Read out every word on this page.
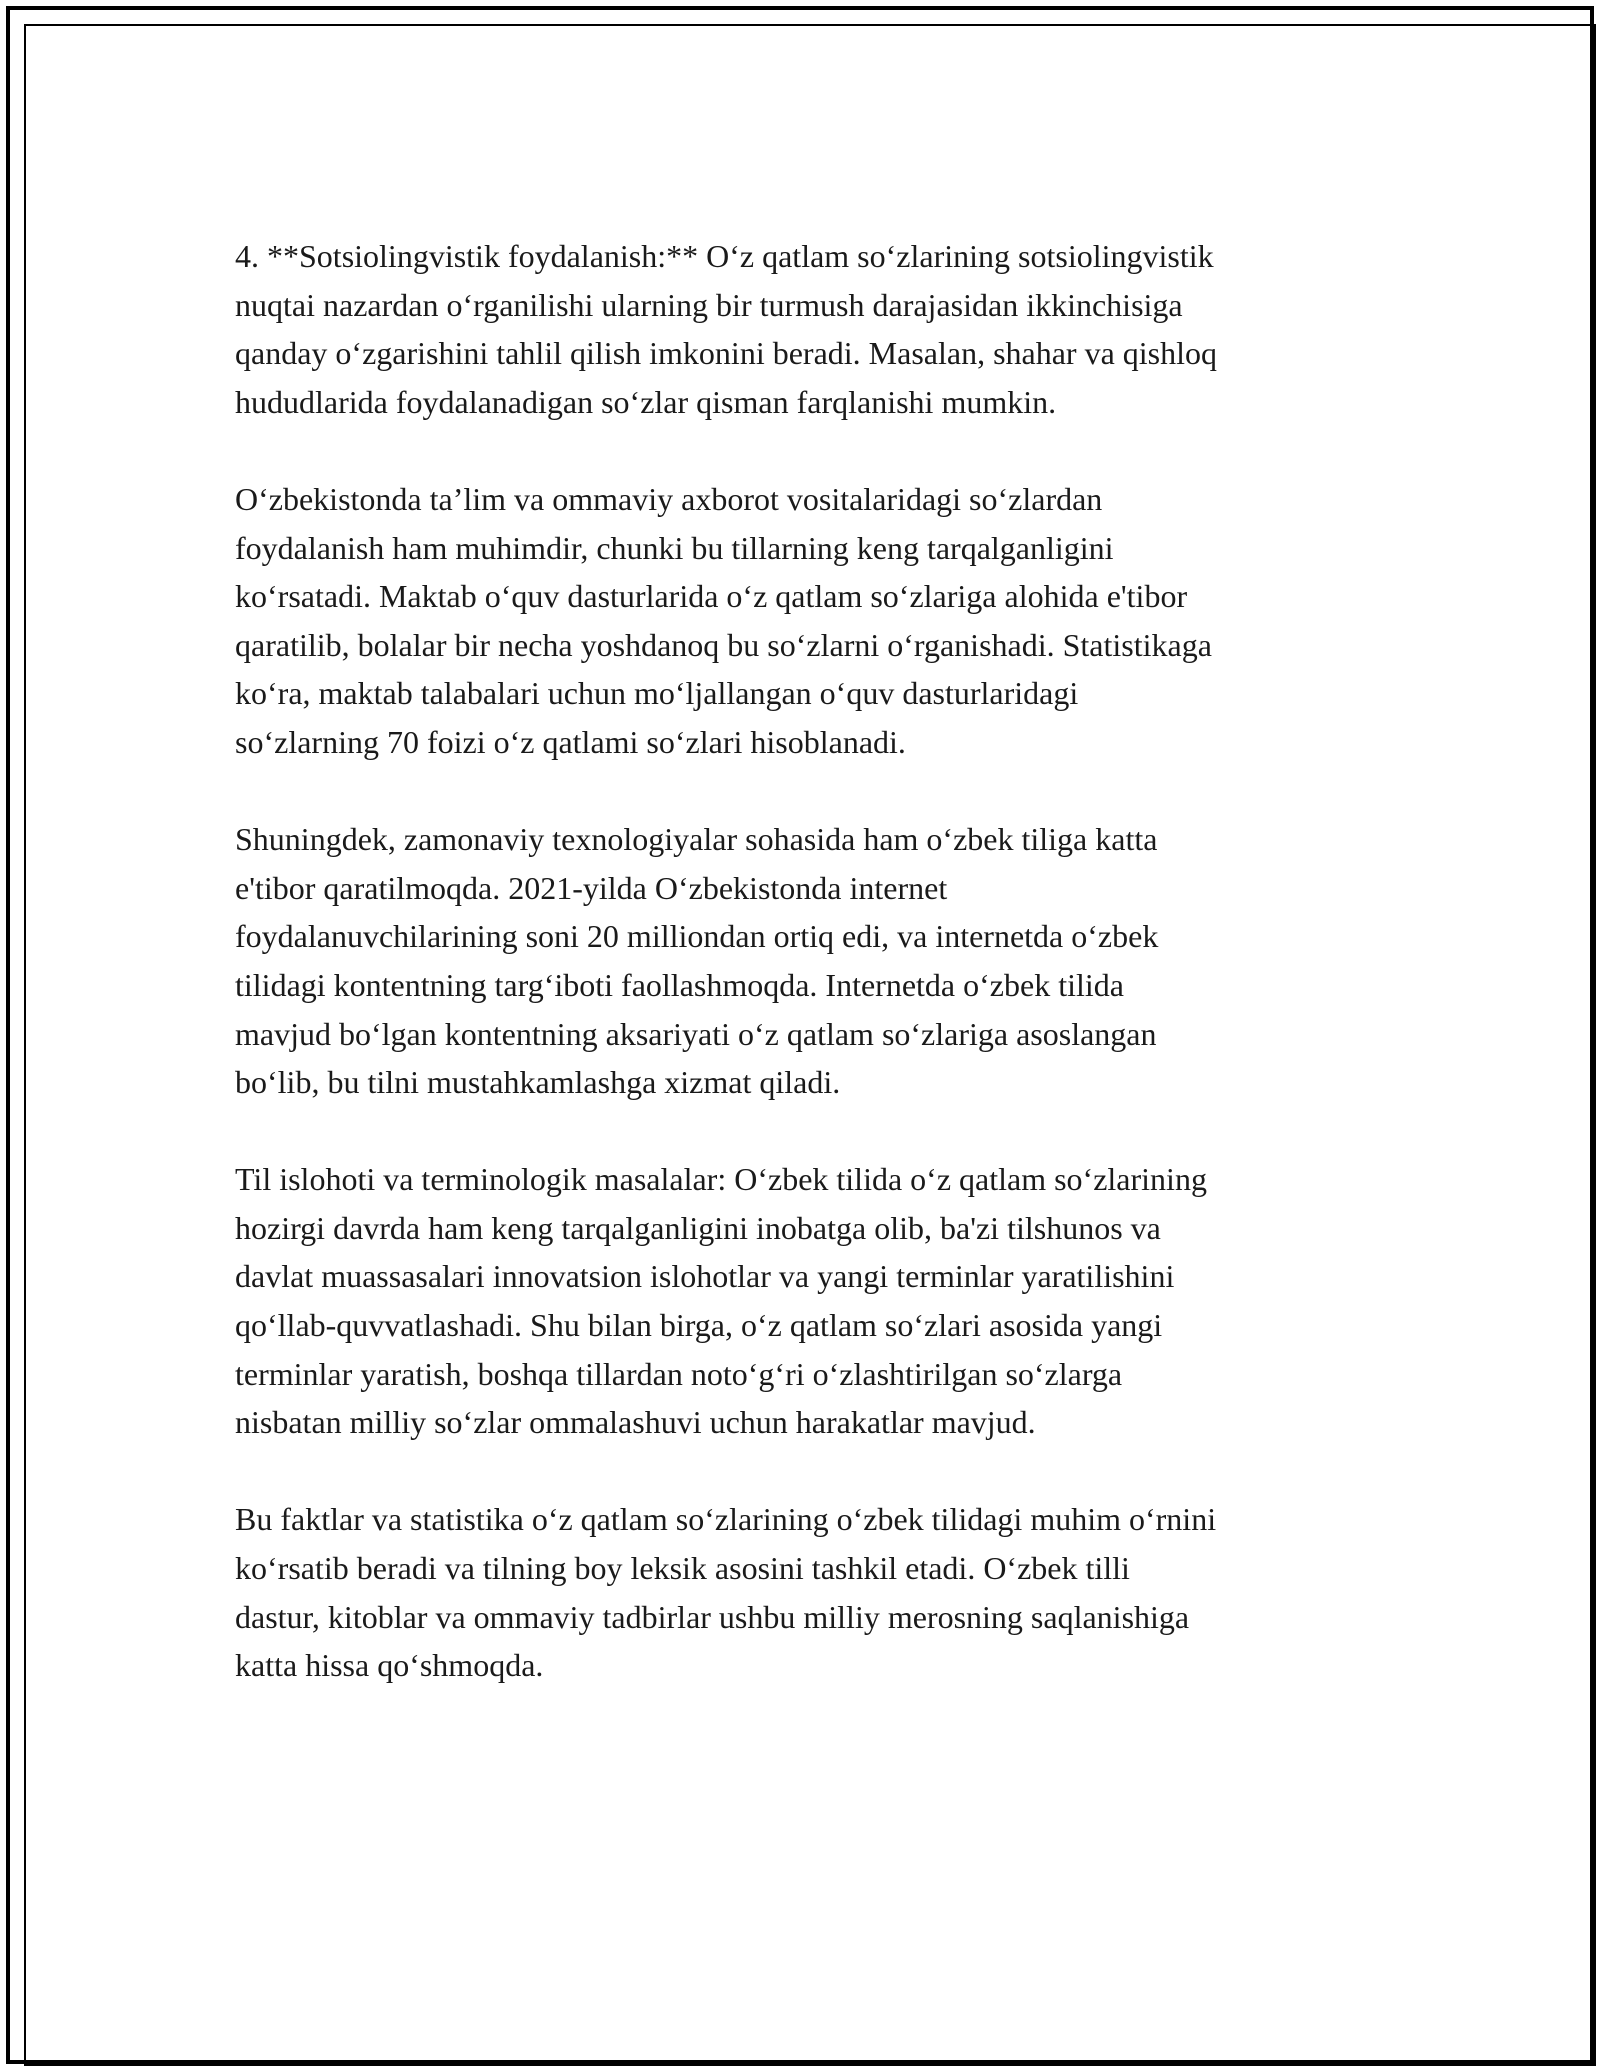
4. **Sotsiolingvistik foydalanish:** O‘z qatlam so‘zlarining sotsiolingvistik
nuqtai nazardan o‘rganilishi ularning bir turmush darajasidan ikkinchisiga
qanday o‘zgarishini tahlil qilish imkonini beradi. Masalan, shahar va qishloq
hududlarida foydalanadigan so‘zlar qisman farqlanishi mumkin.

O‘zbekistonda ta’lim va ommaviy axborot vositalaridagi so‘zlardan
foydalanish ham muhimdir, chunki bu tillarning keng tarqalganligini
ko‘rsatadi. Maktab o‘quv dasturlarida o‘z qatlam so‘zlariga alohida e'tibor
qaratilib, bolalar bir necha yoshdanoq bu so‘zlarni o‘rganishadi. Statistikaga
ko‘ra, maktab talabalari uchun mo‘ljallangan o‘quv dasturlaridagi
so‘zlarning 70 foizi o‘z qatlami so‘zlari hisoblanadi.

Shuningdek, zamonaviy texnologiyalar sohasida ham o‘zbek tiliga katta
e'tibor qaratilmoqda. 2021-yilda O‘zbekistonda internet
foydalanuvchilarining soni 20 milliondan ortiq edi, va internetda o‘zbek
tilidagi kontentning targ‘iboti faollashmoqda. Internetda o‘zbek tilida
mavjud bo‘lgan kontentning aksariyati o‘z qatlam so‘zlariga asoslangan
bo‘lib, bu tilni mustahkamlashga xizmat qiladi.

Til islohoti va terminologik masalalar: O‘zbek tilida o‘z qatlam so‘zlarining
hozirgi davrda ham keng tarqalganligini inobatga olib, ba'zi tilshunos va
davlat muassasalari innovatsion islohotlar va yangi terminlar yaratilishini
qo‘llab-quvvatlashadi. Shu bilan birga, o‘z qatlam so‘zlari asosida yangi
terminlar yaratish, boshqa tillardan noto‘g‘ri o‘zlashtirilgan so‘zlarga
nisbatan milliy so‘zlar ommalashuvi uchun harakatlar mavjud.

Bu faktlar va statistika o‘z qatlam so‘zlarining o‘zbek tilidagi muhim o‘rnini
ko‘rsatib beradi va tilning boy leksik asosini tashkil etadi. O‘zbek tilli
dastur, kitoblar va ommaviy tadbirlar ushbu milliy merosning saqlanishiga
katta hissa qo‘shmoqda.
